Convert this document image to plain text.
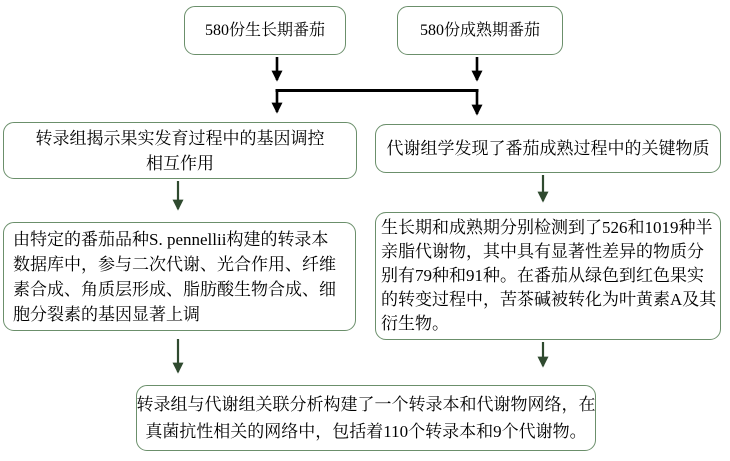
580份生长期番茄	580份成熟期番茄
转录组揭示果实发育过程中的基因调控
相互作用
代谢组学发现了番茄成熟过程中的关键物质
由特定的番茄品种S. pennellii构建的转录本
数据库中，参与二次代谢、光合作用、纤维
素合成、角质层形成、脂肪酸生物合成、细
胞分裂素的基因显著上调
生长期和成熟期分别检测到了526和1019种半
亲脂代谢物，其中具有显著性差异的物质分
别有79种和91种。在番茄从绿色到红色果实
的转变过程中，苦茶碱被转化为叶黄素A及其
衍生物。
转录组与代谢组关联分析构建了一个转录本和代谢物网络，在
真菌抗性相关的网络中，包括着110个转录本和9个代谢物。
